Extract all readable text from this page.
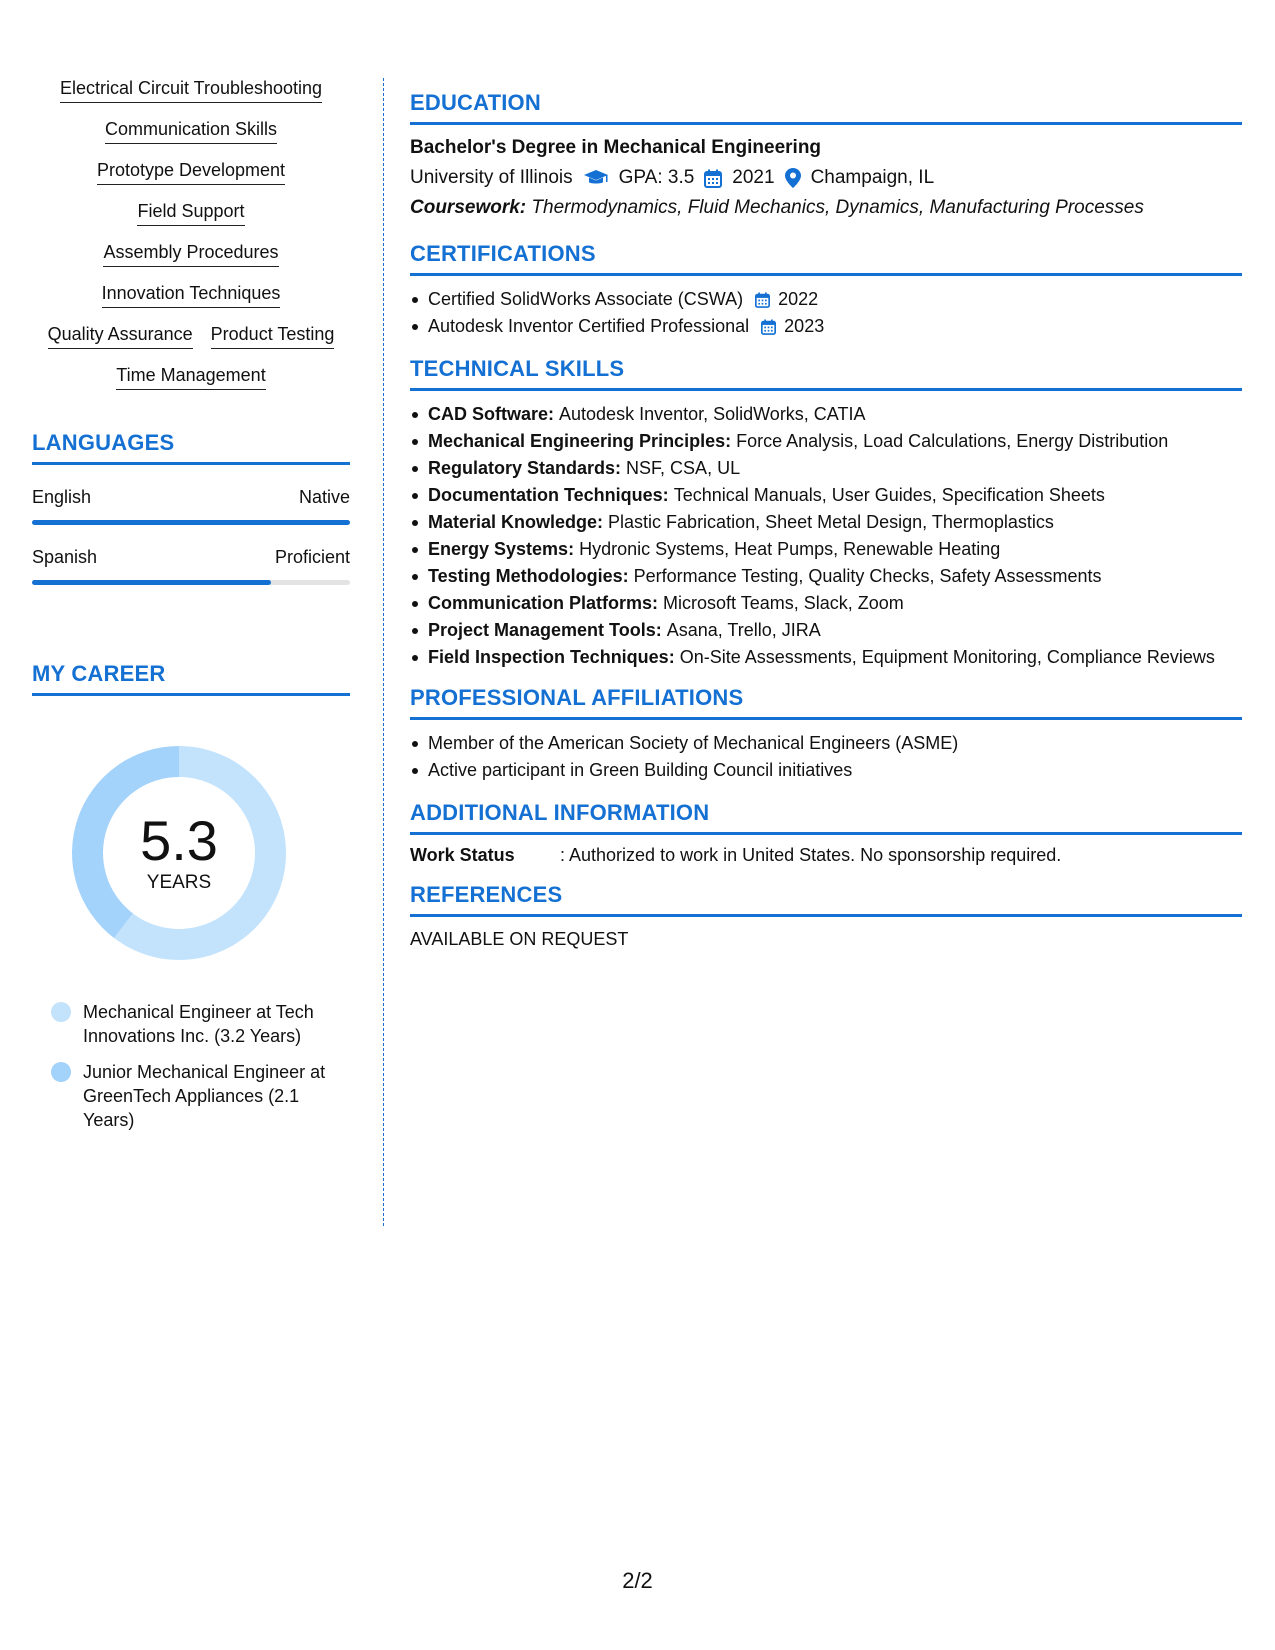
Electrical Circuit Troubleshooting
Communication Skills
Prototype Development
Field Support
Assembly Procedures
Innovation Techniques
Quality Assurance Product Testing
Time Management
LANGUAGES
English	Native
Spanish	Proficient
MY CAREER
5.3
YEARS
Mechanical Engineer at Tech Innovations Inc. (3.2 Years)
Junior Mechanical Engineer at GreenTech Appliances (2.1 Years)
EDUCATION
Bachelor's Degree in Mechanical Engineering
University of Illinois GPA: 3.5 2021 Champaign, IL
Coursework: Thermodynamics, Fluid Mechanics, Dynamics, Manufacturing Processes
CERTIFICATIONS
Certified SolidWorks Associate (CSWA) 2022
Autodesk Inventor Certified Professional 2023
TECHNICAL SKILLS
CAD Software: Autodesk Inventor, SolidWorks, CATIA
Mechanical Engineering Principles: Force Analysis, Load Calculations, Energy Distribution
Regulatory Standards: NSF, CSA, UL
Documentation Techniques: Technical Manuals, User Guides, Specification Sheets
Material Knowledge: Plastic Fabrication, Sheet Metal Design, Thermoplastics
Energy Systems: Hydronic Systems, Heat Pumps, Renewable Heating
Testing Methodologies: Performance Testing, Quality Checks, Safety Assessments
Communication Platforms: Microsoft Teams, Slack, Zoom
Project Management Tools: Asana, Trello, JIRA
Field Inspection Techniques: On-Site Assessments, Equipment Monitoring, Compliance Reviews
PROFESSIONAL AFFILIATIONS
Member of the American Society of Mechanical Engineers (ASME)
Active participant in Green Building Council initiatives
ADDITIONAL INFORMATION
Work Status	: Authorized to work in United States. No sponsorship required.
REFERENCES
AVAILABLE ON REQUEST
2/2
